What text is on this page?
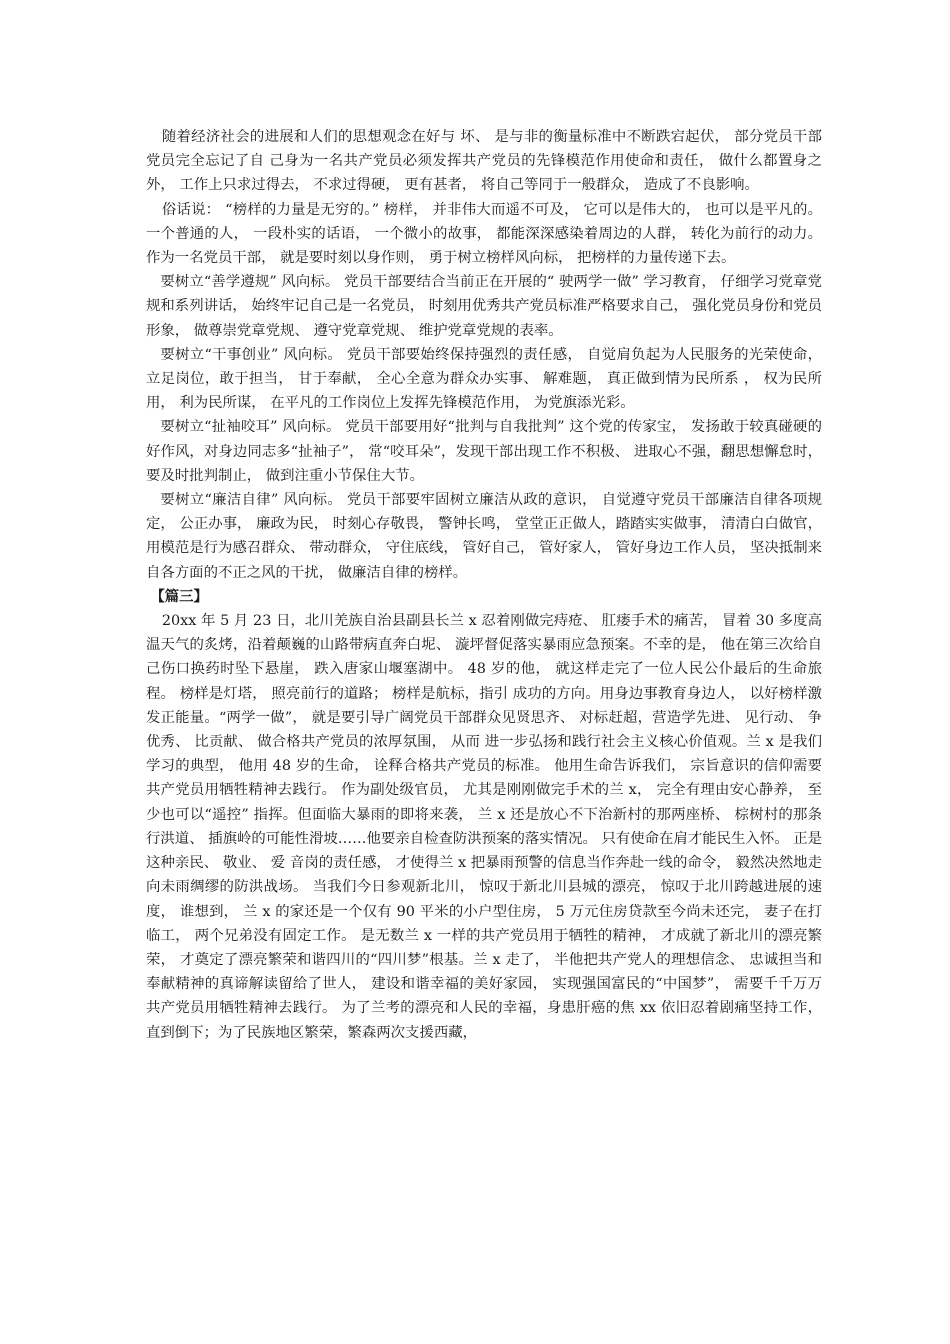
随着经济社会的进展和人们的思想观念在好与 坏、 是与非的衡量标准中不断跌宕起伏， 部分党员干部党员完全忘记了自 己身为一名共产党员必须发挥共产党员的先锋模范作用使命和责任， 做什么都置身之外， 工作上只求过得去， 不求过得硬， 更有甚者， 将自己等同于一般群众， 造成了不良影响。

俗话说： “榜样的力量是无穷的。” 榜样， 并非伟大而遥不可及， 它可以是伟大的， 也可以是平凡的。 一个普通的人， 一段朴实的话语， 一个微小的故事， 都能深深感染着周边的人群， 转化为前行的动力。 作为一名党员干部， 就是要时刻以身作则， 勇于树立榜样风向标， 把榜样的力量传递下去。

要树立“善学遵规” 风向标。 党员干部要结合当前正在开展的“ 驶两学一做” 学习教育， 仔细学习党章党规和系列讲话， 始终牢记自己是一名党员， 时刻用优秀共产党员标准严格要求自己， 强化党员身份和党员形象， 做尊崇党章党规、 遵守党章党规、 维护党章党规的表率。

要树立“干事创业” 风向标。 党员干部要始终保持强烈的责任感， 自觉肩负起为人民服务的光荣使命， 立足岗位，敢于担当， 甘于奉献， 全心全意为群众办实事、 解难题， 真正做到情为民所系 ， 权为民所用， 利为民所谋， 在平凡的工作岗位上发挥先锋模范作用， 为党旗添光彩。

要树立“扯袖咬耳” 风向标。 党员干部要用好“批判与自我批判” 这个党的传家宝， 发扬敢于较真碰硬的好作风，对身边同志多“扯袖子”， 常“咬耳朵”，发现干部出现工作不积极、 进取心不强，翻思想懈怠时， 要及时批判制止， 做到注重小节保住大节。

要树立“廉洁自律” 风向标。 党员干部要牢固树立廉洁从政的意识， 自觉遵守党员干部廉洁自律各项规定， 公正办事， 廉政为民， 时刻心存敬畏， 警钟长鸣， 堂堂正正做人，踏踏实实做事， 清清白白做官， 用模范是行为感召群众、 带动群众， 守住底线， 管好自己， 管好家人， 管好身边工作人员， 坚决抵制来自各方面的不正之风的干扰， 做廉洁自律的榜样。

【篇三】

20xx 年 5 月 23 日，北川羌族自治县副县长兰 x 忍着刚做完痔疮、 肛瘘手术的痛苦， 冒着 30 多度高温天气的炙烤，沿着颠巍的山路带病直奔白坭、 漩坪督促落实暴雨应急预案。不幸的是， 他在第三次给自己伤口换药时坠下悬崖， 跌入唐家山堰塞湖中。 48 岁的他， 就这样走完了一位人民公仆最后的生命旅程。 榜样是灯塔， 照亮前行的道路； 榜样是航标，指引 成功的方向。用身边事教育身边人， 以好榜样激发正能量。“两学一做”， 就是要引导广阔党员干部群众见贤思齐、 对标赶超，营造学先进、 见行动、 争优秀、 比贡献、 做合格共产党员的浓厚氛围， 从而 进一步弘扬和践行社会主义核心价值观。兰 x 是我们学习的典型， 他用 48 岁的生命， 诠释合格共产党员的标准。 他用生命告诉我们， 宗旨意识的信仰需要共产党员用牺牲精神去践行。 作为副处级官员， 尤其是刚刚做完手术的兰 x， 完全有理由安心静养， 至少也可以“遥控” 指挥。但面临大暴雨的即将来袭， 兰 x 还是放心不下治新村的那两座桥、 棕树村的那条行洪道、 插旗岭的可能性滑坡……他要亲自检查防洪预案的落实情况。 只有使命在肩才能民生入怀。 正是这种亲民、 敬业、 爱 音岗的责任感， 才使得兰 x 把暴雨预警的信息当作奔赴一线的命令， 毅然决然地走向未雨绸缪的防洪战场。 当我们今日参观新北川， 惊叹于新北川县城的漂亮， 惊叹于北川跨越进展的速度， 谁想到， 兰 x 的家还是一个仅有 90 平米的小户型住房， 5 万元住房贷款至今尚未还完， 妻子在打临工， 两个兄弟没有固定工作。 是无数兰 x 一样的共产党员用于牺牲的精神， 才成就了新北川的漂亮繁荣， 才奠定了漂亮繁荣和谐四川的“四川梦”根基。兰 x 走了， 半他把共产党人的理想信念、 忠诚担当和奉献精神的真谛解读留给了世人， 建设和谐幸福的美好家园， 实现强国富民的“中国梦”， 需要千千万万共产党员用牺牲精神去践行。 为了兰考的漂亮和人民的幸福，身患肝癌的焦 xx 依旧忍着剧痛坚持工作， 直到倒下；为了民族地区繁荣，繁森两次支援西藏，
